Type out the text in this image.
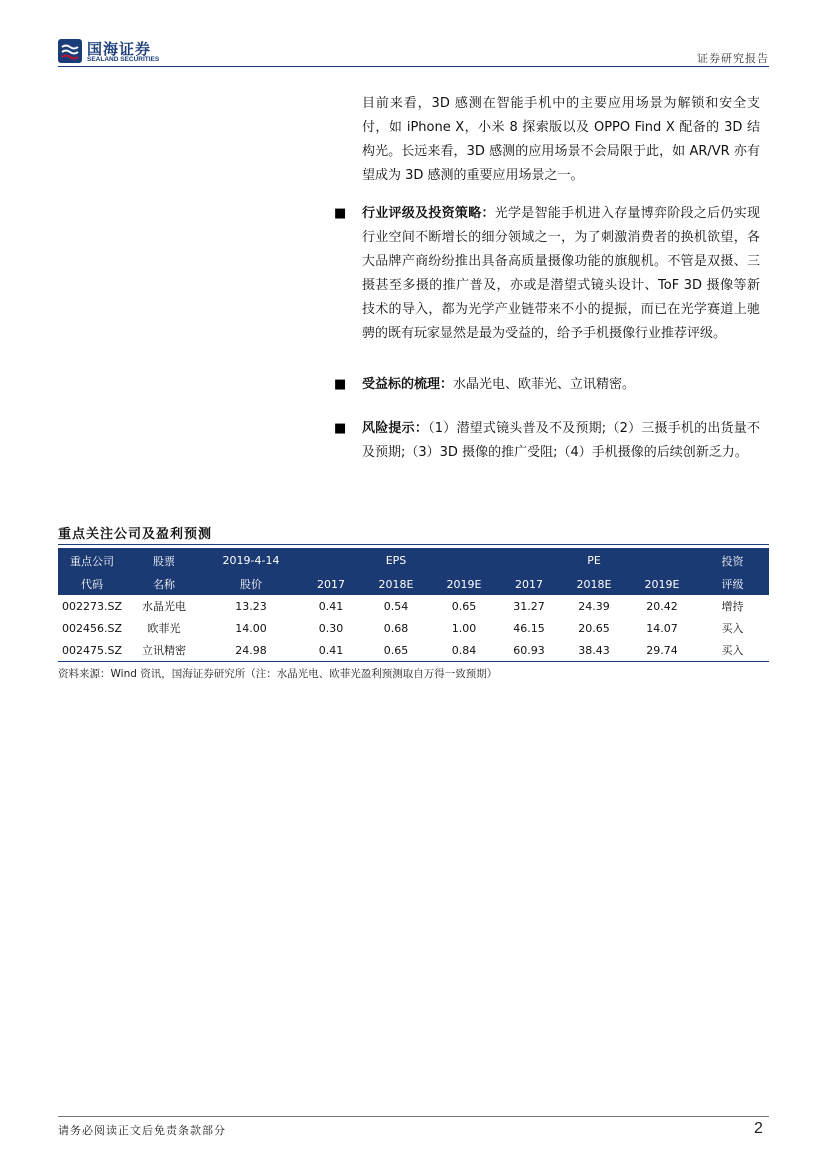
国海证券
SEALAND SECURITIES	证券研究报告
目前来看，3D 感测在智能手机中的主要应用场景为解锁和安全支付，如 iPhone X，小米 8 探索版以及 OPPO Find X 配备的 3D 结构光。长远来看，3D 感测的应用场景不会局限于此，如 AR/VR 亦有望成为 3D 感测的重要应用场景之一。
■ 行业评级及投资策略：光学是智能手机进入存量博弈阶段之后仍实现行业空间不断增长的细分领域之一，为了刺激消费者的换机欲望，各大品牌产商纷纷推出具备高质量摄像功能的旗舰机。不管是双摄、三摄甚至多摄的推广普及，亦或是潜望式镜头设计、ToF 3D 摄像等新技术的导入，都为光学产业链带来不小的提振，而已在光学赛道上驰骋的既有玩家显然是最为受益的，给予手机摄像行业推荐评级。
■ 受益标的梳理：水晶光电、欧菲光、立讯精密。
■ 风险提示：（1）潜望式镜头普及不及预期;（2）三摄手机的出货量不及预期;（3）3D 摄像的推广受阻;（4）手机摄像的后续创新乏力。
重点关注公司及盈利预测
重点公司	股票	2019-4-14		EPS			PE		投资
代码	名称	股价	2017	2018E	2019E	2017	2018E	2019E	评级
002273.SZ	水晶光电	13.23	0.41	0.54	0.65	31.27	24.39	20.42	增持
002456.SZ	欧菲光	14.00	0.30	0.68	1.00	46.15	20.65	14.07	买入
002475.SZ	立讯精密	24.98	0.41	0.65	0.84	60.93	38.43	29.74	买入
资料来源：Wind 资讯，国海证券研究所（注：水晶光电、欧菲光盈利预测取自万得一致预期）
请务必阅读正文后免责条款部分	2
